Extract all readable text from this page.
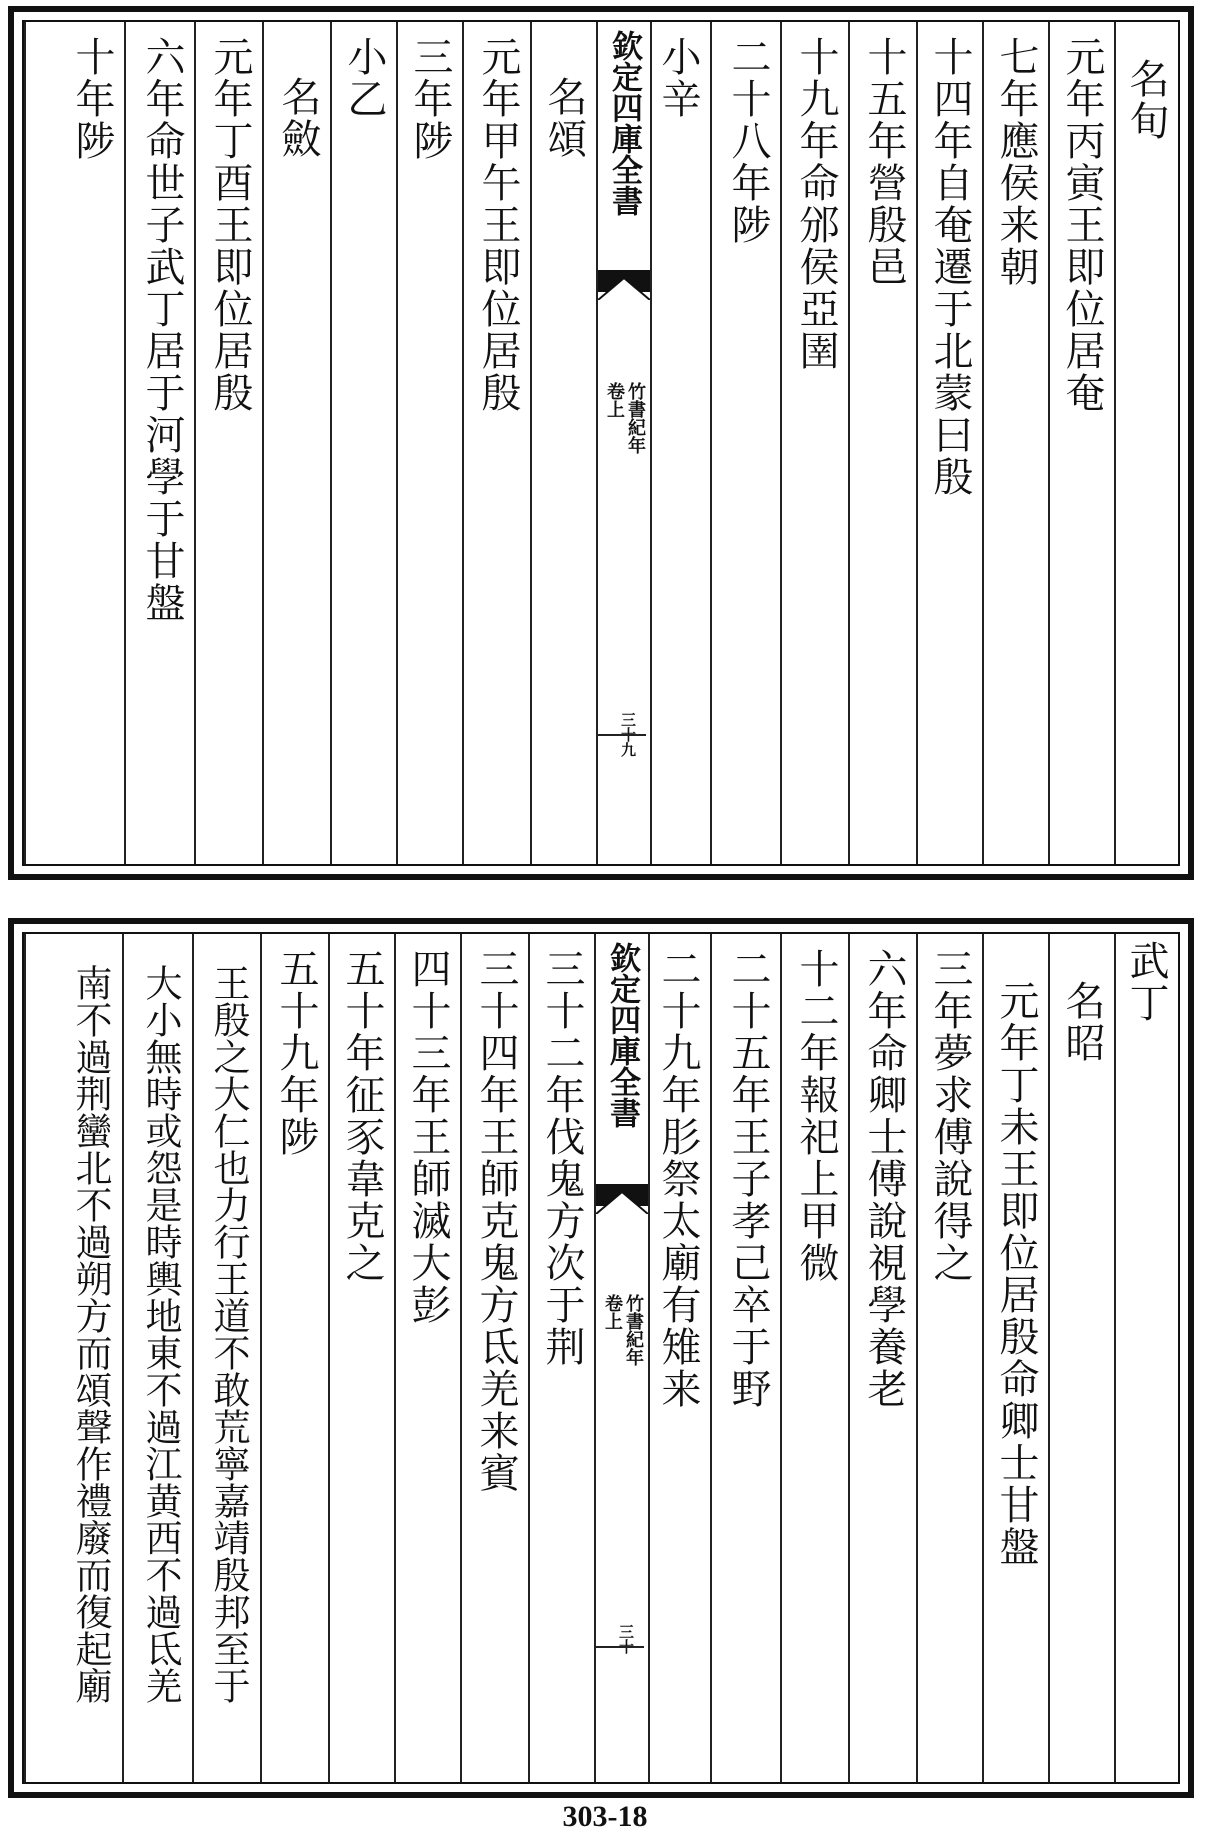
名旬
元年丙寅王即位居奄
七年應侯来朝
十四年自奄遷于北蒙曰殷
十五年營殷邑
十九年命邠侯亞圉
二十八年陟
小辛
欽定四庫全書
竹書紀年
卷上
三十九
名頌
元年甲午王即位居殷
三年陟
小乙
名斂
元年丁酉王即位居殷
六年命世子武丁居于河學于甘盤
十年陟
武丁
名昭
元年丁未王即位居殷命卿士甘盤
三年夢求傅說得之
六年命卿士傅說視學養老
十二年報祀上甲微
二十五年王子孝己卒于野
二十九年肜祭太廟有雉来
欽定四庫全書
竹書紀年
卷上
三十
三十二年伐鬼方次于荆
三十四年王師克鬼方氐羌来賓
四十三年王師滅大彭
五十年征豕韋克之
五十九年陟
王殷之大仁也力行王道不敢荒寧嘉靖殷邦至于
大小無時或怨是時輿地東不過江黄西不過氐羌
南不過荆蠻北不過朔方而頌聲作禮廢而復起廟
303-18
